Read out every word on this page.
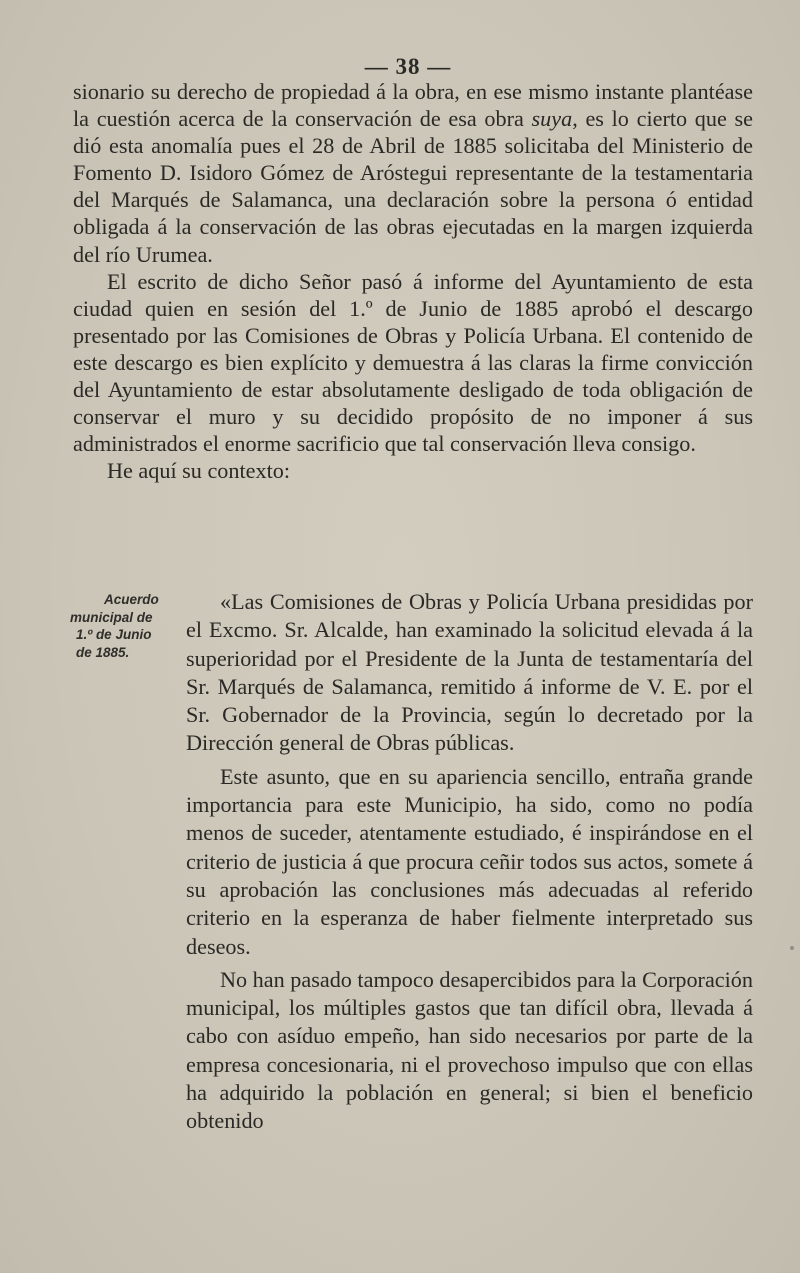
— 38 —

sionario su derecho de propiedad á la obra, en ese mismo instante plantéase la cuestión acerca de la conservación de esa obra suya, es lo cierto que se dió esta anomalía pues el 28 de Abril de 1885 solicitaba del Ministerio de Fomento D. Isidoro Gómez de Aróstegui representante de la testamentaria del Marqués de Salamanca, una declaración sobre la persona ó entidad obligada á la conservación de las obras ejecutadas en la margen izquierda del río Urumea.

El escrito de dicho Señor pasó á informe del Ayuntamiento de esta ciudad quien en sesión del 1.º de Junio de 1885 aprobó el descargo presentado por las Comisiones de Obras y Policía Urbana. El contenido de este descargo es bien explícito y demuestra á las claras la firme convicción del Ayuntamiento de estar absolutamente desligado de toda obligación de conservar el muro y su decidido propósito de no imponer á sus administrados el enorme sacrificio que tal conservación lleva consigo.

He aquí su contexto:

Acuerdo
municipal de
1.º de Junio
de 1885.

«Las Comisiones de Obras y Policía Urbana presididas por el Excmo. Sr. Alcalde, han examinado la solicitud elevada á la superioridad por el Presidente de la Junta de testamentaría del Sr. Marqués de Salamanca, remitido á informe de V. E. por el Sr. Gobernador de la Provincia, según lo decretado por la Dirección general de Obras públicas.

Este asunto, que en su apariencia sencillo, entraña grande importancia para este Municipio, ha sido, como no podía menos de suceder, atentamente estudiado, é inspirándose en el criterio de justicia á que procura ceñir todos sus actos, somete á su aprobación las conclusiones más adecuadas al referido criterio en la esperanza de haber fielmente interpretado sus deseos.

No han pasado tampoco desapercibidos para la Corporación municipal, los múltiples gastos que tan difícil obra, llevada á cabo con asíduo empeño, han sido necesarios por parte de la empresa concesionaria, ni el provechoso impulso que con ellas ha adquirido la población en general; si bien el beneficio obtenido
